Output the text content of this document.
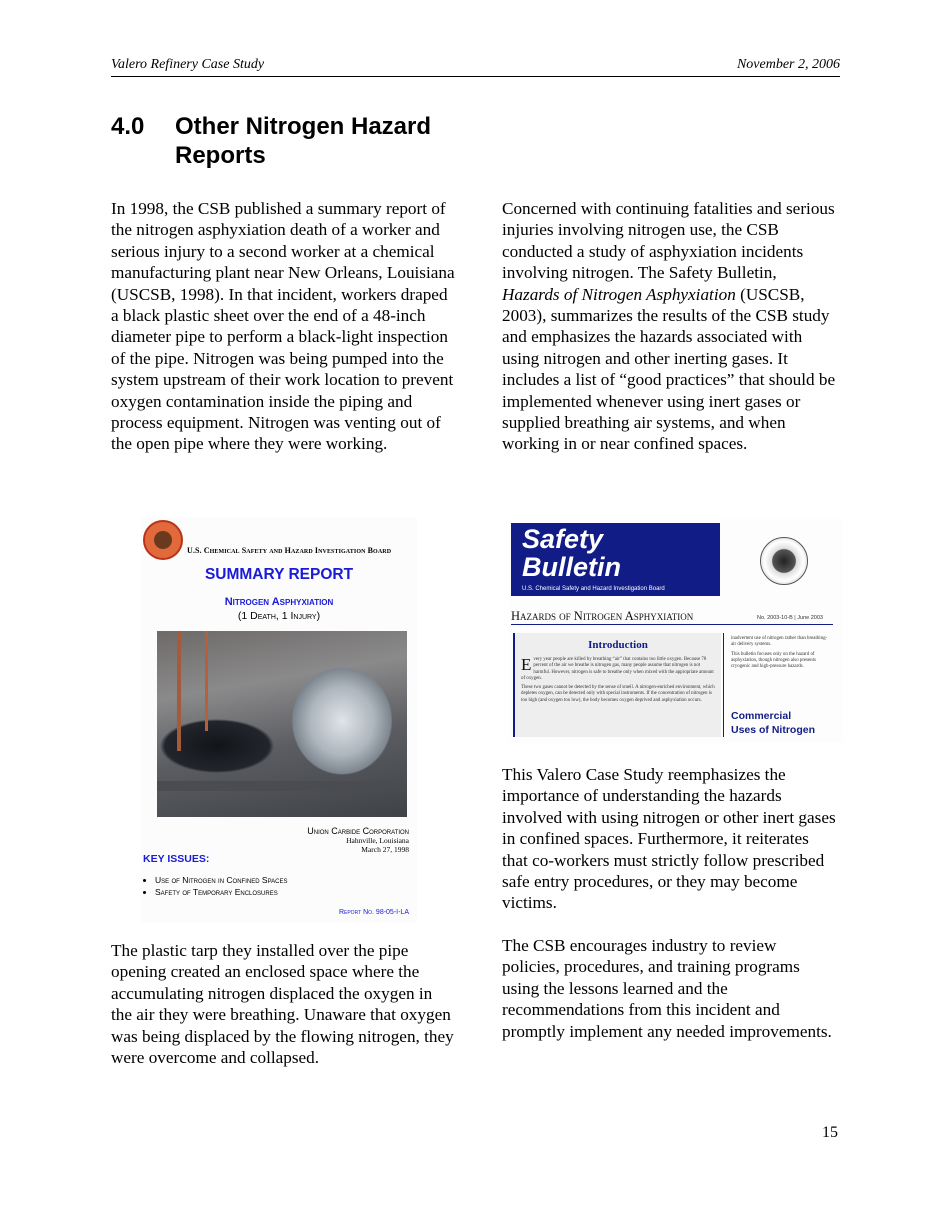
Valero Refinery Case Study	November 2, 2006
4.0	Other Nitrogen Hazard Reports

In 1998, the CSB published a summary report of the nitrogen asphyxiation death of a worker and serious injury to a second worker at a chemical manufacturing plant near New Orleans, Louisiana (USCSB, 1998). In that incident, workers draped a black plastic sheet over the end of a 48-inch diameter pipe to perform a black-light inspection of the pipe. Nitrogen was being pumped into the system upstream of their work location to prevent oxygen contamination inside the piping and process equipment. Nitrogen was venting out of the open pipe where they were working.

U.S. Chemical Safety and Hazard Investigation Board
SUMMARY REPORT
Nitrogen Asphyxiation
(1 Death, 1 Injury)
Union Carbide Corporation
Hahnville, Louisiana
March 27, 1998
KEY ISSUES:
• Use of Nitrogen in Confined Spaces
• Safety of Temporary Enclosures
Report No. 98-05-I-LA

The plastic tarp they installed over the pipe opening created an enclosed space where the accumulating nitrogen displaced the oxygen in the air they were breathing. Unaware that oxygen was being displaced by the flowing nitrogen, they were overcome and collapsed.

Concerned with continuing fatalities and serious injuries involving nitrogen use, the CSB conducted a study of asphyxiation incidents involving nitrogen. The Safety Bulletin, Hazards of Nitrogen Asphyxiation (USCSB, 2003), summarizes the results of the CSB study and emphasizes the hazards associated with using nitrogen and other inerting gases. It includes a list of “good practices” that should be implemented whenever using inert gases or supplied breathing air systems, and when working in or near confined spaces.

Safety
Bulletin
U.S. Chemical Safety and Hazard Investigation Board
Hazards of Nitrogen Asphyxiation	No. 2003-10-B | June 2003
Introduction
Every year people are killed by breathing “air” that contains too little oxygen. Because 78 percent of the air we breathe is nitrogen gas, many people assume that nitrogen is not harmful. However, nitrogen is safe to breathe only when mixed with the appropriate amount of oxygen.
These two gases cannot be detected by the sense of smell. A nitrogen-enriched environment, which depletes oxygen, can be detected only with special instruments. If the concentration of nitrogen is too high (and oxygen too low), the body becomes oxygen deprived and asphyxiation occurs.
inadvertent use of nitrogen rather than breathing-air delivery systems.
This bulletin focuses only on the hazard of asphyxiation, though nitrogen also presents cryogenic and high-pressure hazards.
Commercial
Uses of Nitrogen

This Valero Case Study reemphasizes the importance of understanding the hazards involved with using nitrogen or other inert gases in confined spaces. Furthermore, it reiterates that co-workers must strictly follow prescribed safe entry procedures, or they may become victims.

The CSB encourages industry to review policies, procedures, and training programs using the lessons learned and the recommendations from this incident and promptly implement any needed improvements.

15
